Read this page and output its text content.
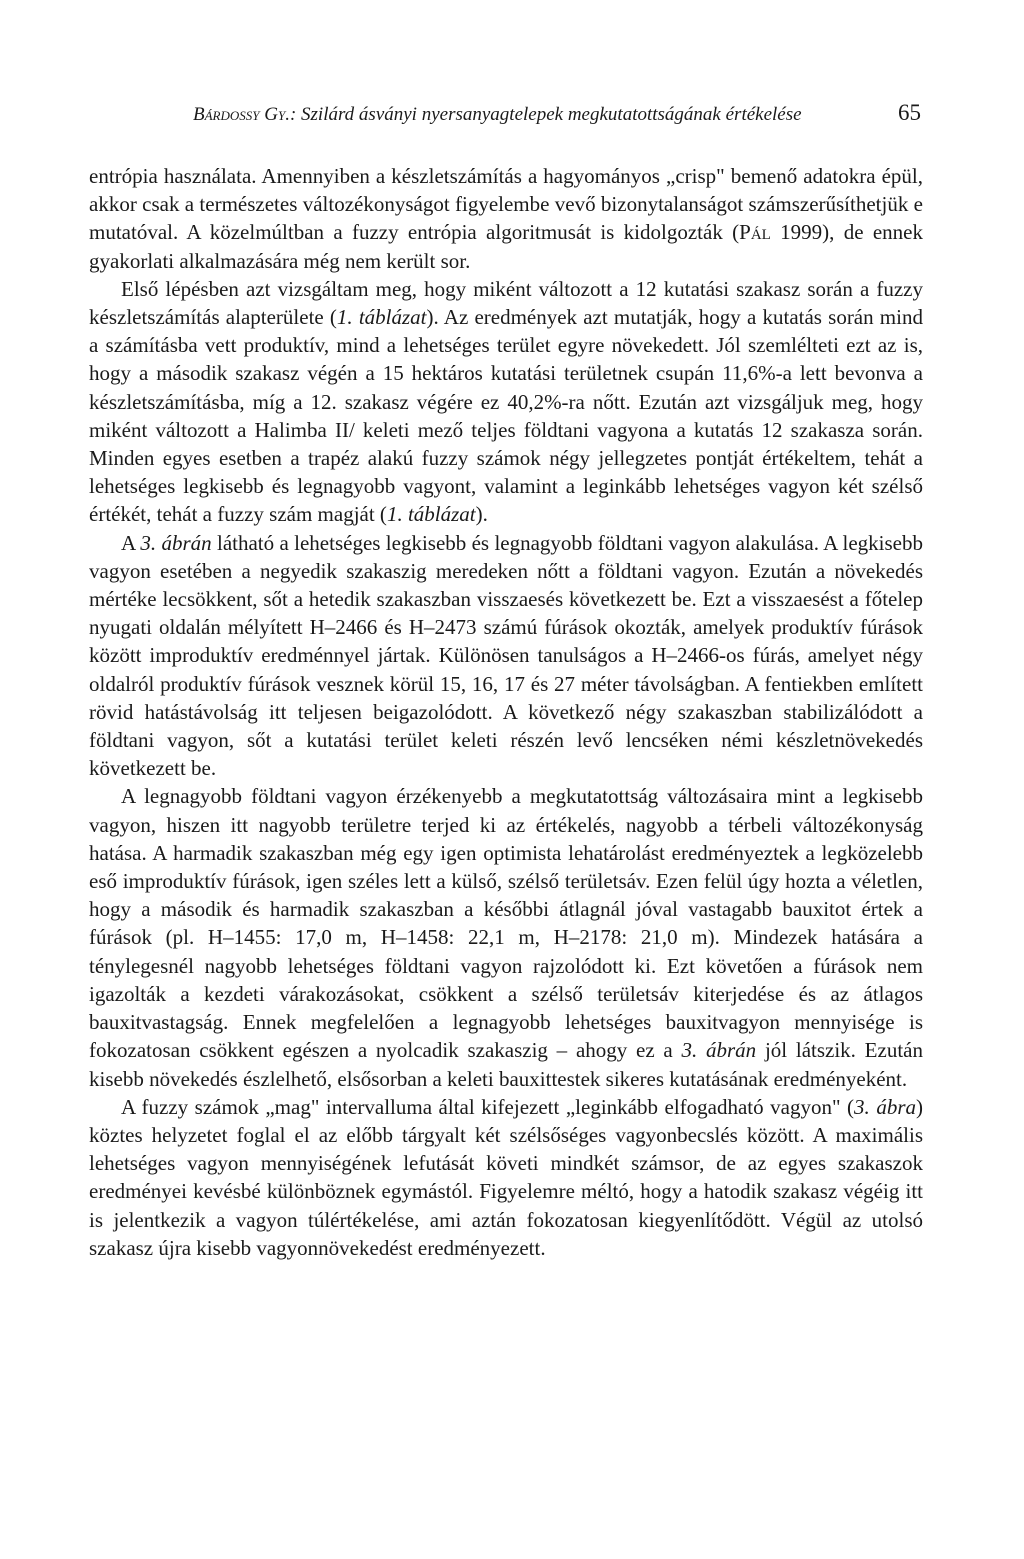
Bárdossy Gy.: Szilárd ásványi nyersanyagtelepek megkutatottságának értékelése	65

entrópia használata. Amennyiben a készletszámítás a hagyományos „crisp" bemenő adatokra épül, akkor csak a természetes változékonyságot figyelembe vevő bizonytalanságot számszerűsíthetjük e mutatóval. A közelmúltban a fuzzy entrópia algoritmusát is kidolgozták (Pál 1999), de ennek gyakorlati alkalmazására még nem került sor.

Első lépésben azt vizsgáltam meg, hogy miként változott a 12 kutatási szakasz során a fuzzy készletszámítás alapterülete (1. táblázat). Az eredmények azt mutatják, hogy a kutatás során mind a számításba vett produktív, mind a lehetséges terület egyre növekedett. Jól szemlélteti ezt az is, hogy a második szakasz végén a 15 hektáros kutatási területnek csupán 11,6%-a lett bevonva a készletszámításba, míg a 12. szakasz végére ez 40,2%-ra nőtt. Ezután azt vizsgáljuk meg, hogy miként változott a Halimba II/ keleti mező teljes földtani vagyona a kutatás 12 szakasza során. Minden egyes esetben a trapéz alakú fuzzy számok négy jellegzetes pontját értékeltem, tehát a lehetséges legkisebb és legnagyobb vagyont, valamint a leginkább lehetséges vagyon két szélső értékét, tehát a fuzzy szám magját (1. táblázat).

A 3. ábrán látható a lehetséges legkisebb és legnagyobb földtani vagyon alakulása. A legkisebb vagyon esetében a negyedik szakaszig meredeken nőtt a földtani vagyon. Ezután a növekedés mértéke lecsökkent, sőt a hetedik szakaszban visszaesés következett be. Ezt a visszaesést a főtelep nyugati oldalán mélyített H–2466 és H–2473 számú fúrások okozták, amelyek produktív fúrások között improduktív eredménnyel jártak. Különösen tanulságos a H–2466-os fúrás, amelyet négy oldalról produktív fúrások vesznek körül 15, 16, 17 és 27 méter távolságban. A fentiekben említett rövid hatástávolság itt teljesen beigazolódott. A következő négy szakaszban stabilizálódott a földtani vagyon, sőt a kutatási terület keleti részén levő lencséken némi készletnövekedés következett be.

A legnagyobb földtani vagyon érzékenyebb a megkutatottság változásaira mint a legkisebb vagyon, hiszen itt nagyobb területre terjed ki az értékelés, nagyobb a térbeli változékonyság hatása. A harmadik szakaszban még egy igen optimista lehatárolást eredményeztek a legközelebb eső improduktív fúrások, igen széles lett a külső, szélső területsáv. Ezen felül úgy hozta a véletlen, hogy a második és harmadik szakaszban a későbbi átlagnál jóval vastagabb bauxitot értek a fúrások (pl. H–1455: 17,0 m, H–1458: 22,1 m, H–2178: 21,0 m). Mindezek hatására a ténylegesnél nagyobb lehetséges földtani vagyon rajzolódott ki. Ezt követően a fúrások nem igazolták a kezdeti várakozásokat, csökkent a szélső területsáv kiterjedése és az átlagos bauxitvastagság. Ennek megfelelően a legnagyobb lehetséges bauxitvagyon mennyisége is fokozatosan csökkent egészen a nyolcadik szakaszig – ahogy ez a 3. ábrán jól látszik. Ezután kisebb növekedés észlelhető, elsősorban a keleti bauxittestek sikeres kutatásának eredményeként.

A fuzzy számok „mag" intervalluma által kifejezett „leginkább elfogadható vagyon" (3. ábra) köztes helyzetet foglal el az előbb tárgyalt két szélsőséges vagyonbecslés között. A maximális lehetséges vagyon mennyiségének lefutását követi mindkét számsor, de az egyes szakaszok eredményei kevésbé különböznek egymástól. Figyelemre méltó, hogy a hatodik szakasz végéig itt is jelentkezik a vagyon túlértékelése, ami aztán fokozatosan kiegyenlítődött. Végül az utolsó szakasz újra kisebb vagyonnövekedést eredményezett.
